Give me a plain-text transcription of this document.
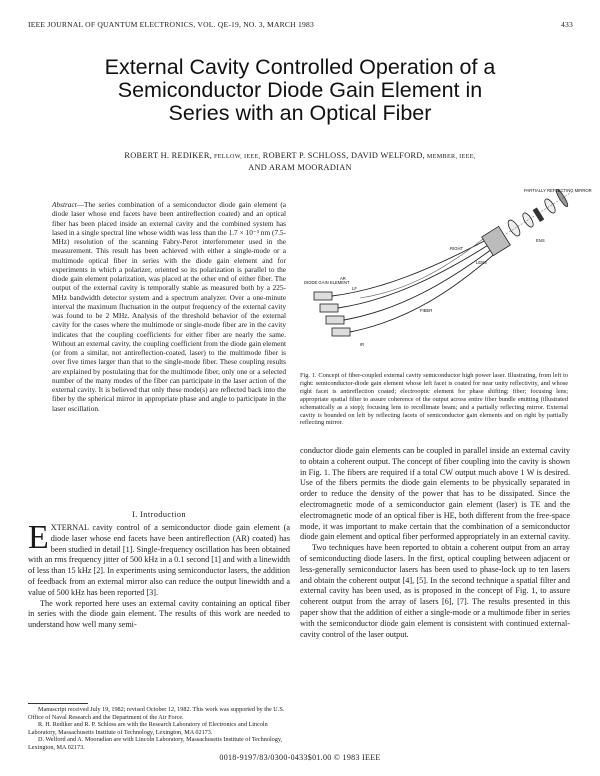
IEEE JOURNAL OF QUANTUM ELECTRONICS, VOL. QE-19, NO. 3, MARCH 1983	433
External Cavity Controlled Operation of a
Semiconductor Diode Gain Element in
Series with an Optical Fiber
ROBERT H. REDIKER, FELLOW, IEEE, ROBERT P. SCHLOSS, DAVID WELFORD, MEMBER, IEEE,
AND ARAM MOORADIAN
Abstract—The series combination of a semiconductor diode gain element (a diode laser whose end facets have been antireflection coated) and an optical fiber has been placed inside an external cavity and the combined system has lased in a single spectral line whose width was less than the 1.7 × 10⁻³ nm (7.5-MHz) resolution of the scanning Fabry-Perot interferometer used in the measurement. This result has been achieved with either a single-mode or a multimode optical fiber in series with the diode gain element and for experiments in which a polarizer, oriented so its polarization is parallel to the diode gain element polarization, was placed at the other end of either fiber. The output of the external cavity is temporally stable as measured both by a 225-MHz bandwidth detector system and a spectrum analyzer. Over a one-minute interval the maximum fluctuation in the output frequency of the external cavity was found to be 2 MHz. Analysis of the threshold behavior of the external cavity for the cases where the multimode or single-mode fiber are in the cavity indicates that the coupling coefficients for either fiber are nearly the same. Without an external cavity, the coupling coefficient from the diode gain element (or from a similar, not antireflection-coated, laser) to the multimode fiber is over five times larger than that to the single-mode fiber. These coupling results are explained by postulating that for the multimode fiber, only one or a selected number of the many modes of the fiber can participate in the laser action of the external cavity. It is believed that only these mode(s) are reflected back into the fiber by the spherical mirror in appropriate phase and angle to participate in the laser oscillation.
I. Introduction

EXTERNAL cavity control of a semiconductor diode gain element (a diode laser whose end facets have been antireflection (AR) coated) has been studied in detail [1]. Single-frequency oscillation has been obtained with an rms frequency jitter of 500 kHz in a 0.1 second [1] and with a linewidth of less than 15 kHz [2]. In experiments using semiconductor lasers, the addition of feedback from an external mirror also can reduce the output linewidth and a value of 500 kHz has been reported [3].

The work reported here uses an external cavity containing an optical fiber in series with the diode gain element. The results of this work are needed to understand how well many semi-

Manuscript received July 19, 1982; revised October 12, 1982. This work was supported by the U.S. Office of Naval Research and the Department of the Air Force.

R. H. Rediker and R. P. Schloss are with the Research Laboratory of Electronics and Lincoln Laboratory, Massachusetts Institute of Technology, Lexington, MA 02173.

D. Welford and A. Mooradian are with Lincoln Laboratory, Massachusetts Institute of Technology, Lexington, MA 02173.

PARTIALLY REFLECTING MIRROR
ENS
DIODE GAIN ELEMENT
LENS
FIBER
RIGHT
AR
LF
IR
Fig. 1. Concept of fiber-coupled external cavity semiconductor high power laser. Illustrating, from left to right: semiconductor-diode gain element whose left facet is coated for near unity reflectivity, and whose right facet is antireflection coated; electrooptic element for phase shifting; fiber; focusing lens; appropriate spatial filter to assure coherence of the output across entire fiber bundle emitting (illustrated schematically as a stop); focusing lens to recollimate beam; and a partially reflecting mirror. External cavity is bounded on left by reflecting facets of semiconductor gain elements and on right by partially reflecting mirror.

conductor diode gain elements can be coupled in parallel inside an external cavity to obtain a coherent output. The concept of fiber coupling into the cavity is shown in Fig. 1. The fibers are required if a total CW output much above 1 W is desired. Use of the fibers permits the diode gain elements to be physically separated in order to reduce the density of the power that has to be dissipated. Since the electromagnetic mode of a semiconductor gain element (laser) is TE and the electromagnetic mode of an optical fiber is HE, both different from the free-space mode, it was important to make certain that the combination of a semiconductor diode gain element and optical fiber performed appropriately in an external cavity.

Two techniques have been reported to obtain a coherent output from an array of semiconducting diode lasers. In the first, optical coupling between adjacent or less-generally semiconductor lasers has been used to phase-lock up to ten lasers and obtain the coherent output [4], [5]. In the second technique a spatial filter and external cavity has been used, as is proposed in the concept of Fig. 1, to assure coherent output from the array of lasers [6], [7]. The results presented in this paper show that the addition of either a single-mode or a multimode fiber in series with the semiconductor diode gain element is consistent with continued external-cavity control of the laser output.

0018-9197/83/0300-0433$01.00 © 1983 IEEE
